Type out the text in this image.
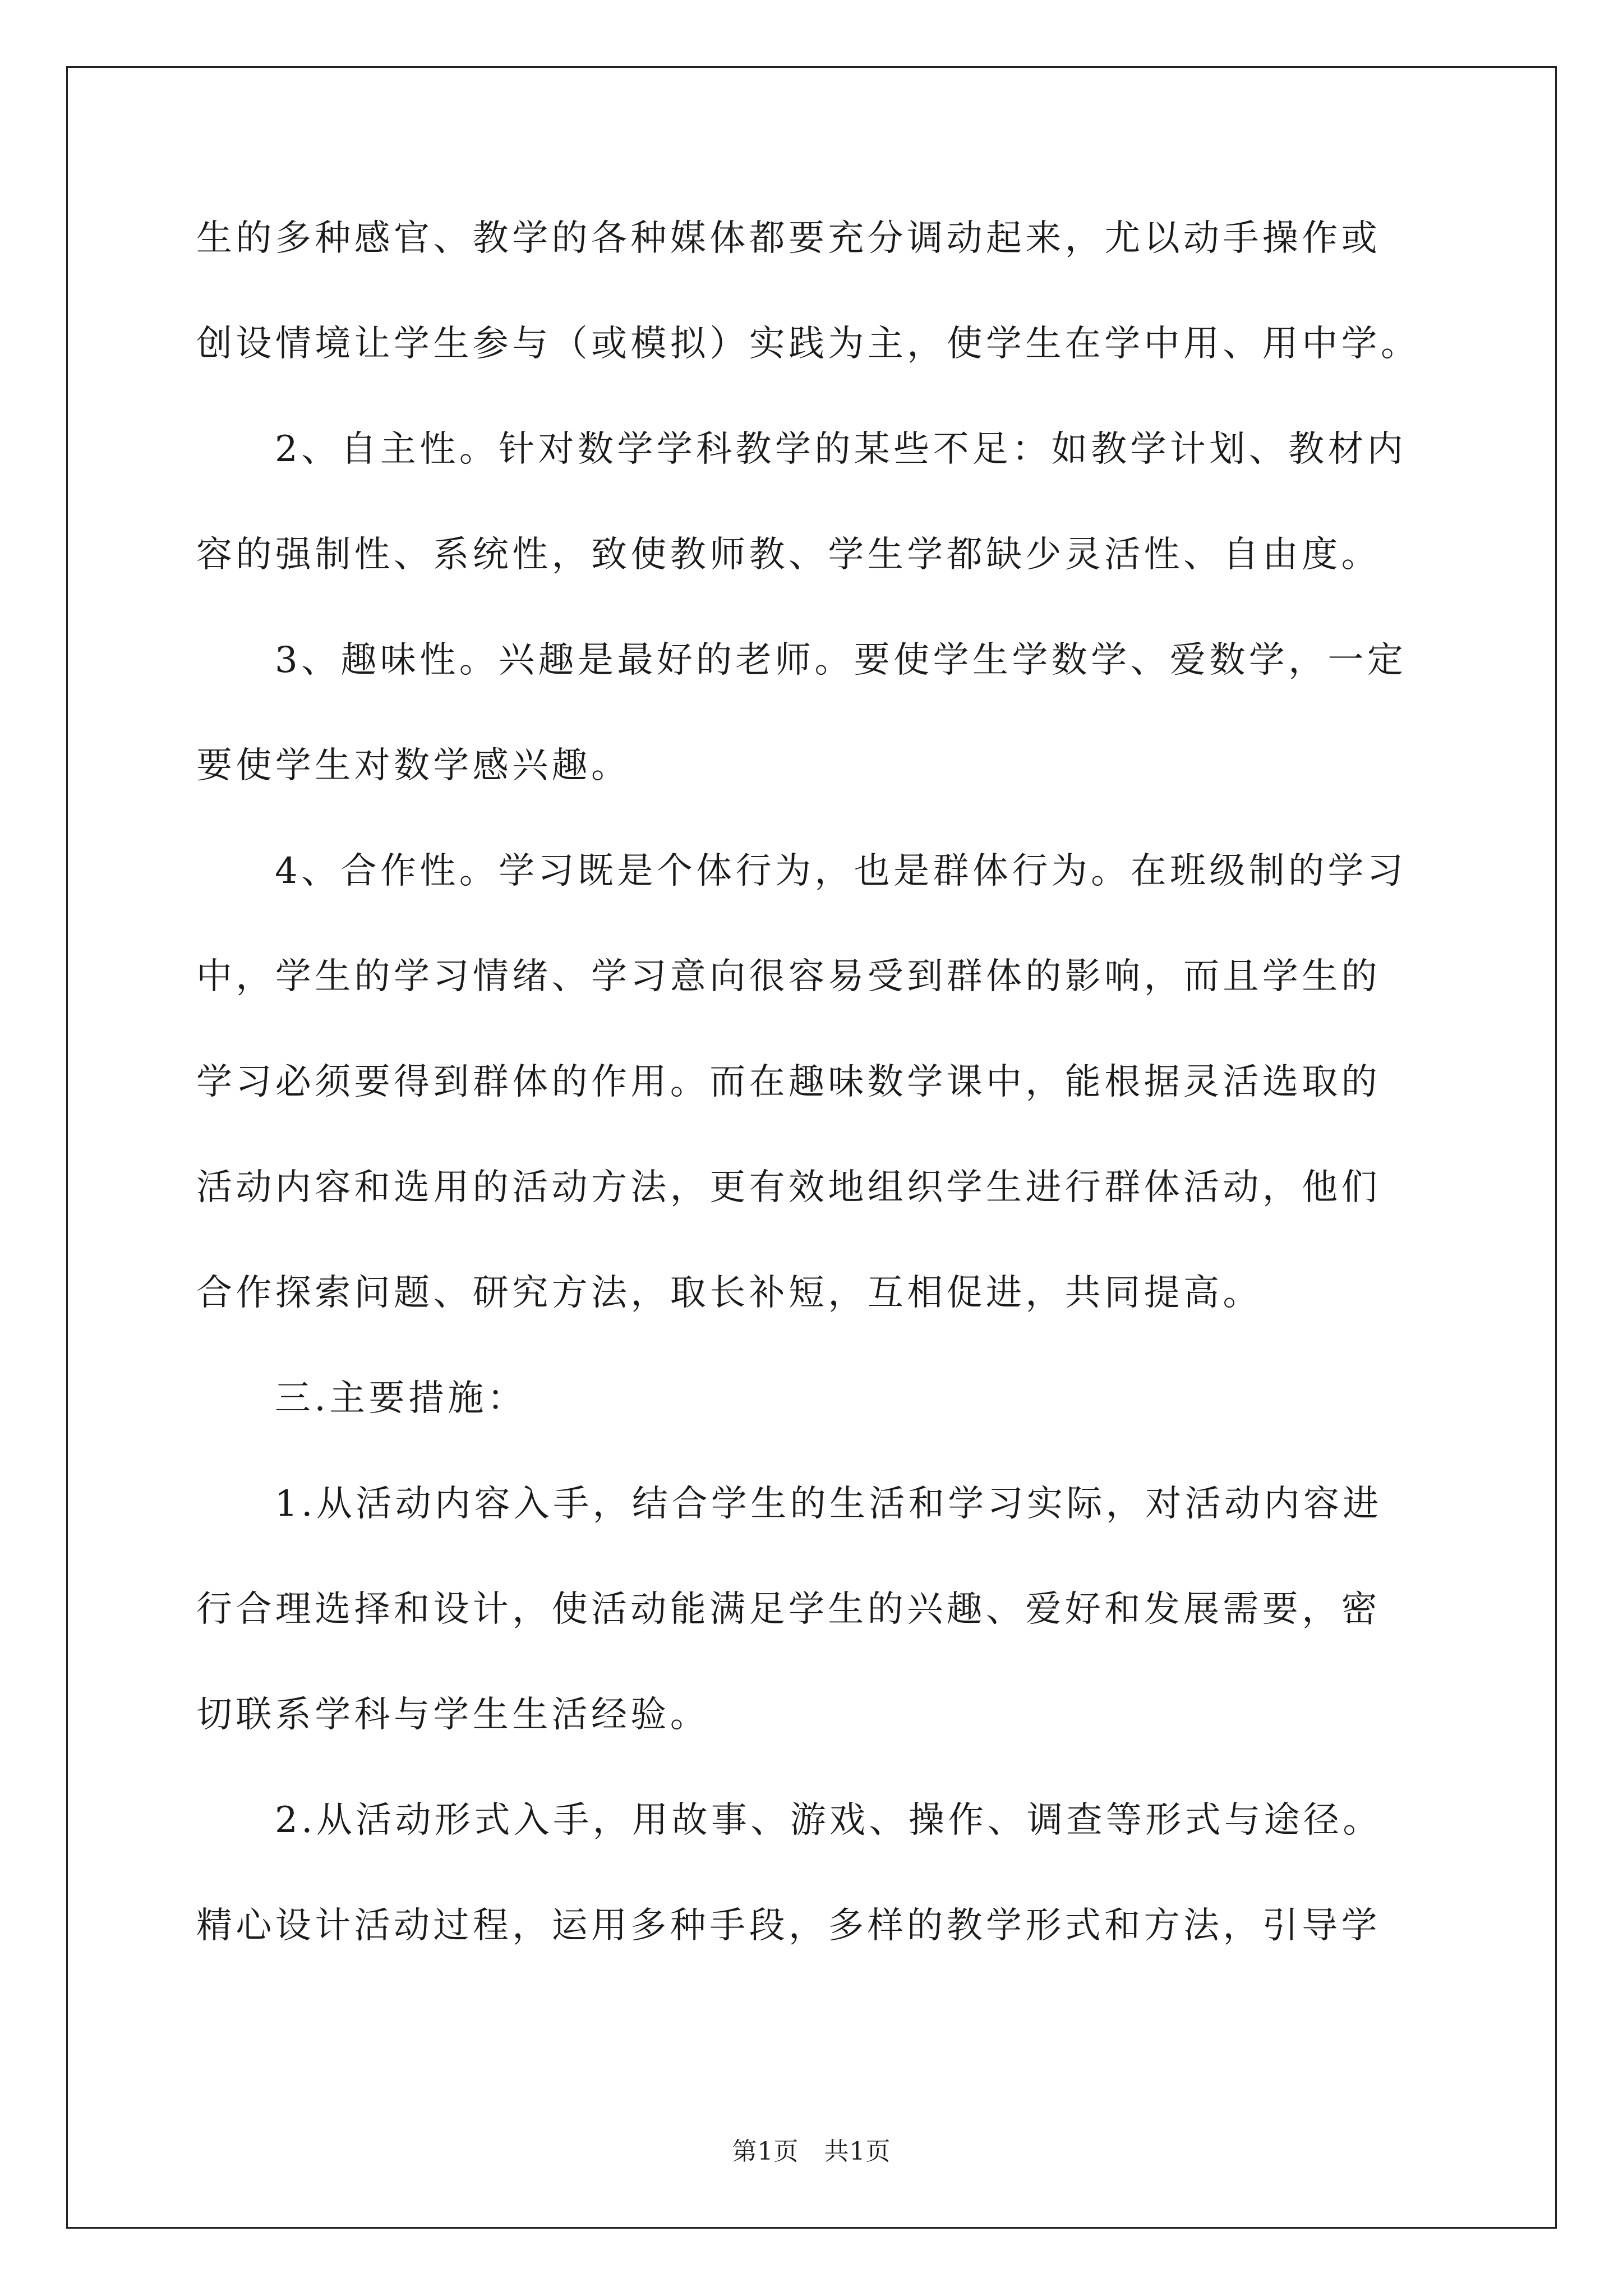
生的多种感官、教学的各种媒体都要充分调动起来，尤以动手操作或
创设情境让学生参与（或模拟）实践为主，使学生在学中用、用中学。
2、自主性。针对数学学科教学的某些不足：如教学计划、教材内
容的强制性、系统性，致使教师教、学生学都缺少灵活性、自由度。
3、趣味性。兴趣是最好的老师。要使学生学数学、爱数学，一定
要使学生对数学感兴趣。
4、合作性。学习既是个体行为，也是群体行为。在班级制的学习
中，学生的学习情绪、学习意向很容易受到群体的影响，而且学生的
学习必须要得到群体的作用。而在趣味数学课中，能根据灵活选取的
活动内容和选用的活动方法，更有效地组织学生进行群体活动，他们
合作探索问题、研究方法，取长补短，互相促进，共同提高。
三.主要措施：
1.从活动内容入手，结合学生的生活和学习实际，对活动内容进
行合理选择和设计，使活动能满足学生的兴趣、爱好和发展需要，密
切联系学科与学生生活经验。
2.从活动形式入手，用故事、游戏、操作、调查等形式与途径。
精心设计活动过程，运用多种手段，多样的教学形式和方法，引导学
第1页　共1页
